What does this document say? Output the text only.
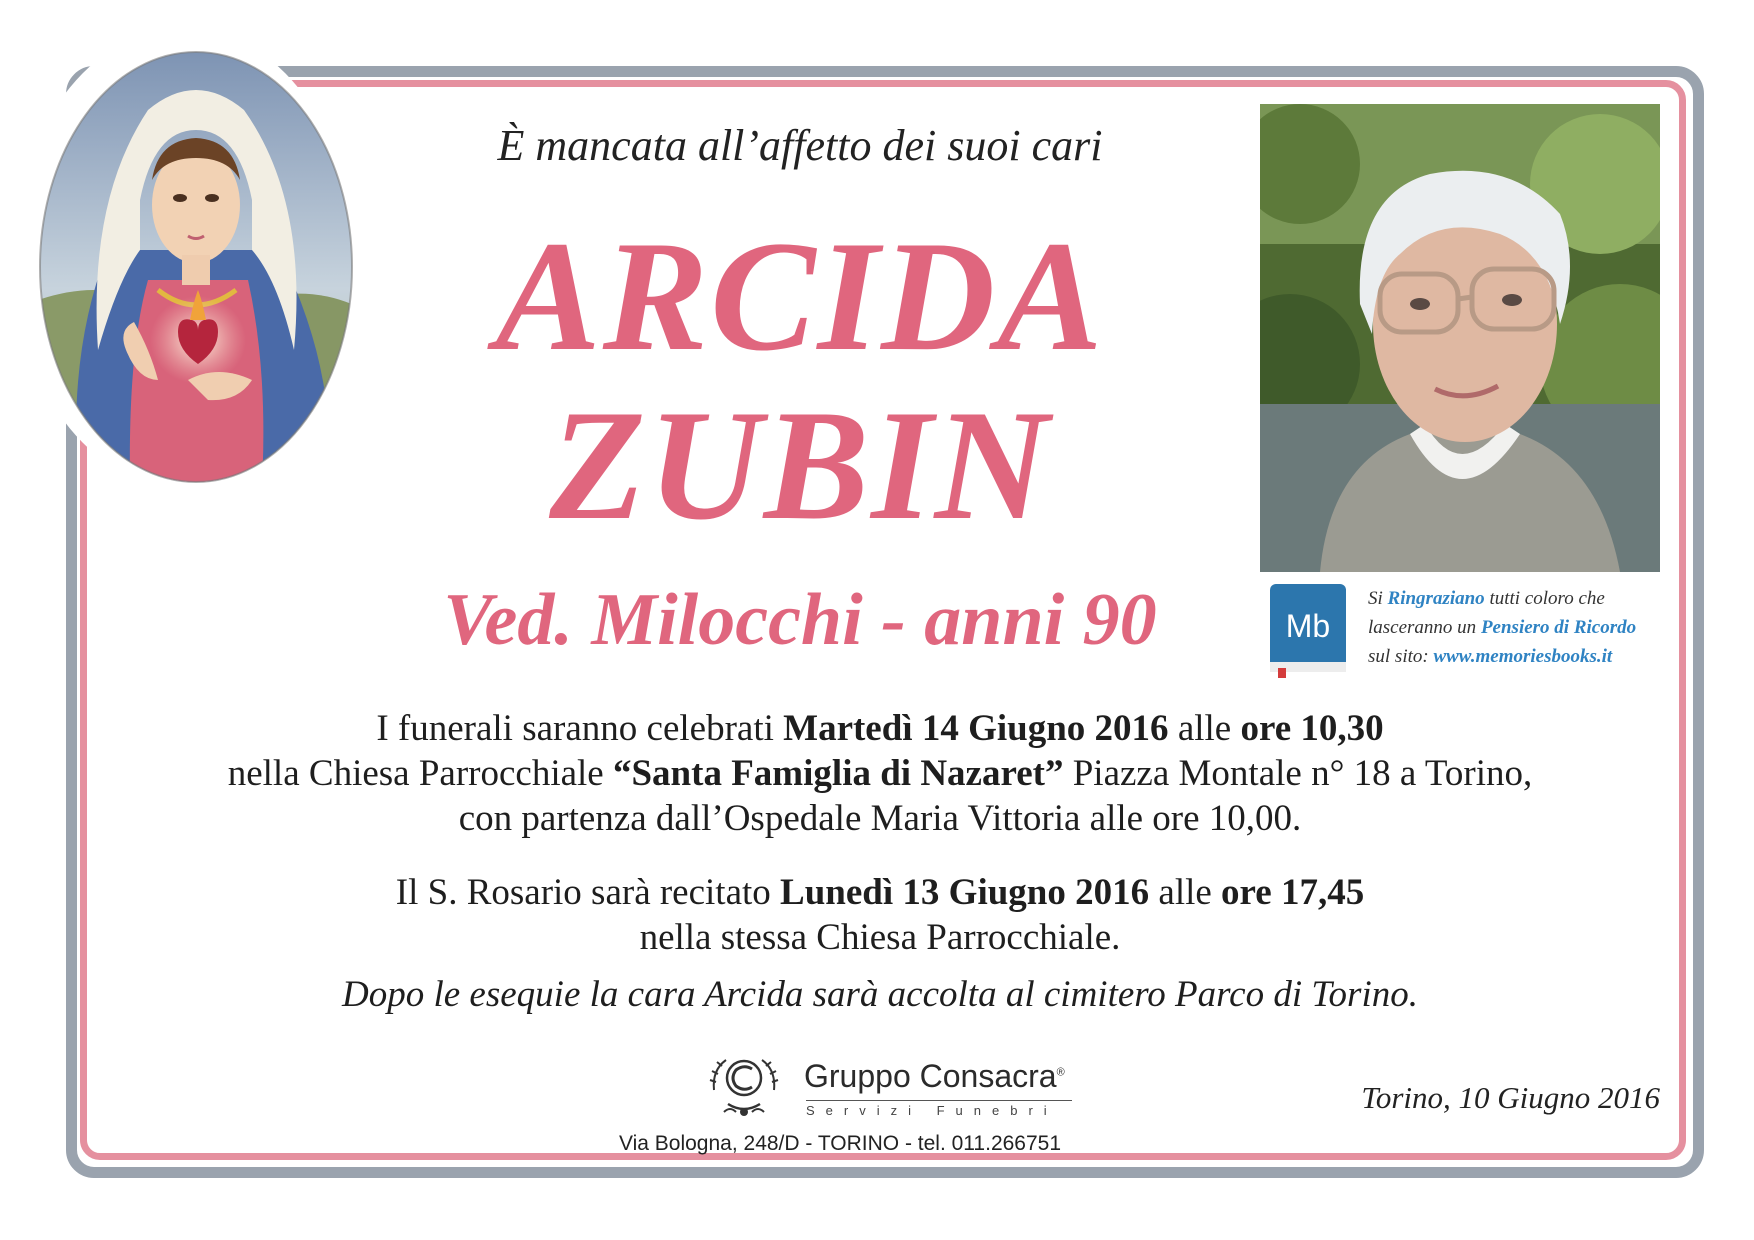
È mancata all’affetto dei suoi cari
ARCIDA
ZUBIN
Ved. Milocchi - anni 90	Mb
Si Ringraziano tutti coloro che
lasceranno un Pensiero di Ricordo
sul sito: www.memoriesbooks.it
I funerali saranno celebrati Martedì 14 Giugno 2016 alle ore 10,30
nella Chiesa Parrocchiale “Santa Famiglia di Nazaret” Piazza Montale n° 18 a Torino,
con partenza dall’Ospedale Maria Vittoria alle ore 10,00.
Il S. Rosario sarà recitato Lunedì 13 Giugno 2016 alle ore 17,45
nella stessa Chiesa Parrocchiale.
Dopo le esequie la cara Arcida sarà accolta al cimitero Parco di Torino.
Gruppo Consacra®
Servizi Funebri
Via Bologna, 248/D - TORINO - tel. 011.266751
Torino, 10 Giugno 2016
